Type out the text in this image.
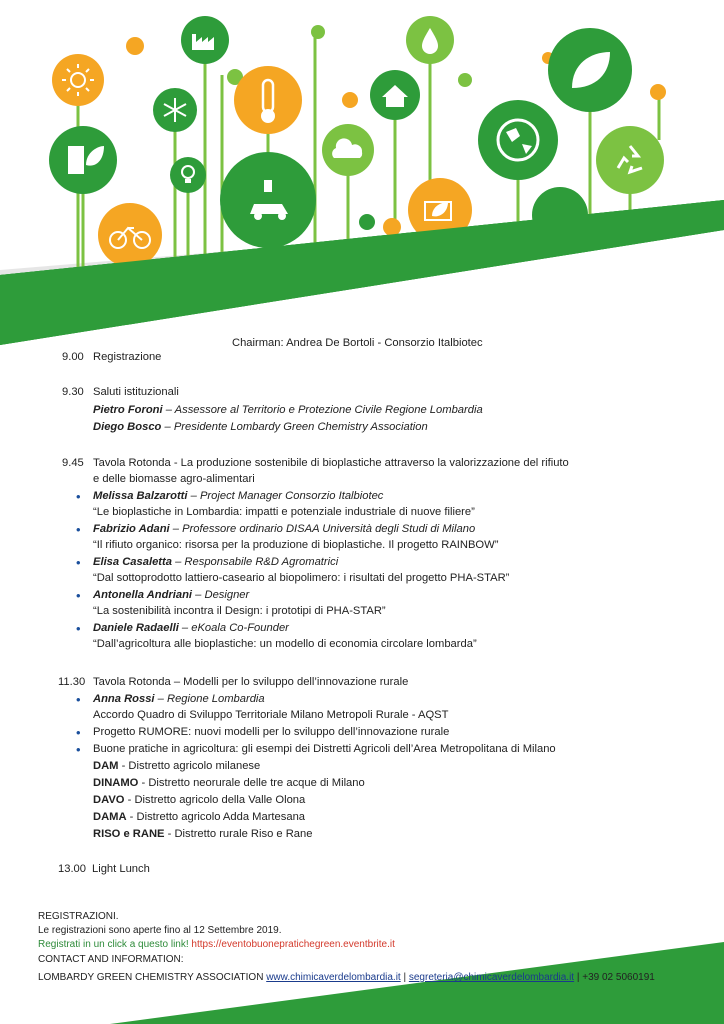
Chairman: Andrea De Bortoli - Consorzio Italbiotec
9.00 Registrazione
9.30 Saluti istituzionali
Pietro Foroni – Assessore al Territorio e Protezione Civile Regione Lombardia
Diego Bosco – Presidente Lombardy Green Chemistry Association
9.45 Tavola Rotonda - La produzione sostenibile di bioplastiche attraverso la valorizzazione del rifiuto
e delle biomasse agro-alimentari
• Melissa Balzarotti – Project Manager Consorzio Italbiotec
“Le bioplastiche in Lombardia: impatti e potenziale industriale di nuove filiere”
• Fabrizio Adani – Professore ordinario DISAA Università degli Studi di Milano
“Il rifiuto organico: risorsa per la produzione di bioplastiche. Il progetto RAINBOW”
• Elisa Casaletta – Responsabile R&D Agromatrici
“Dal sottoprodotto lattiero-caseario al biopolimero: i risultati del progetto PHA-STAR”
• Antonella Andriani – Designer
“La sostenibilità incontra il Design: i prototipi di PHA-STAR”
• Daniele Radaelli – eKoala Co-Founder
“Dall’agricoltura alle bioplastiche: un modello di economia circolare lombarda”
11.30 Tavola Rotonda – Modelli per lo sviluppo dell’innovazione rurale
• Anna Rossi – Regione Lombardia
Accordo Quadro di Sviluppo Territoriale Milano Metropoli Rurale - AQST
• Progetto RUMORE: nuovi modelli per lo sviluppo dell’innovazione rurale
• Buone pratiche in agricoltura: gli esempi dei Distretti Agricoli dell’Area Metropolitana di Milano
DAM - Distretto agricolo milanese
DINAMO - Distretto neorurale delle tre acque di Milano
DAVO - Distretto agricolo della Valle Olona
DAMA - Distretto agricolo Adda Martesana
RISO e RANE - Distretto rurale Riso e Rane
13.00 Light Lunch
REGISTRAZIONI.
Le registrazioni sono aperte fino al 12 Settembre 2019.
Registrati in un click a questo link! https://eventobuonepratichegreen.eventbrite.it
CONTACT AND INFORMATION:
LOMBARDY GREEN CHEMISTRY ASSOCIATION www.chimicaverdelombardia.it | segreteria@chimicaverdelombardia.it | +39 02 5060191
